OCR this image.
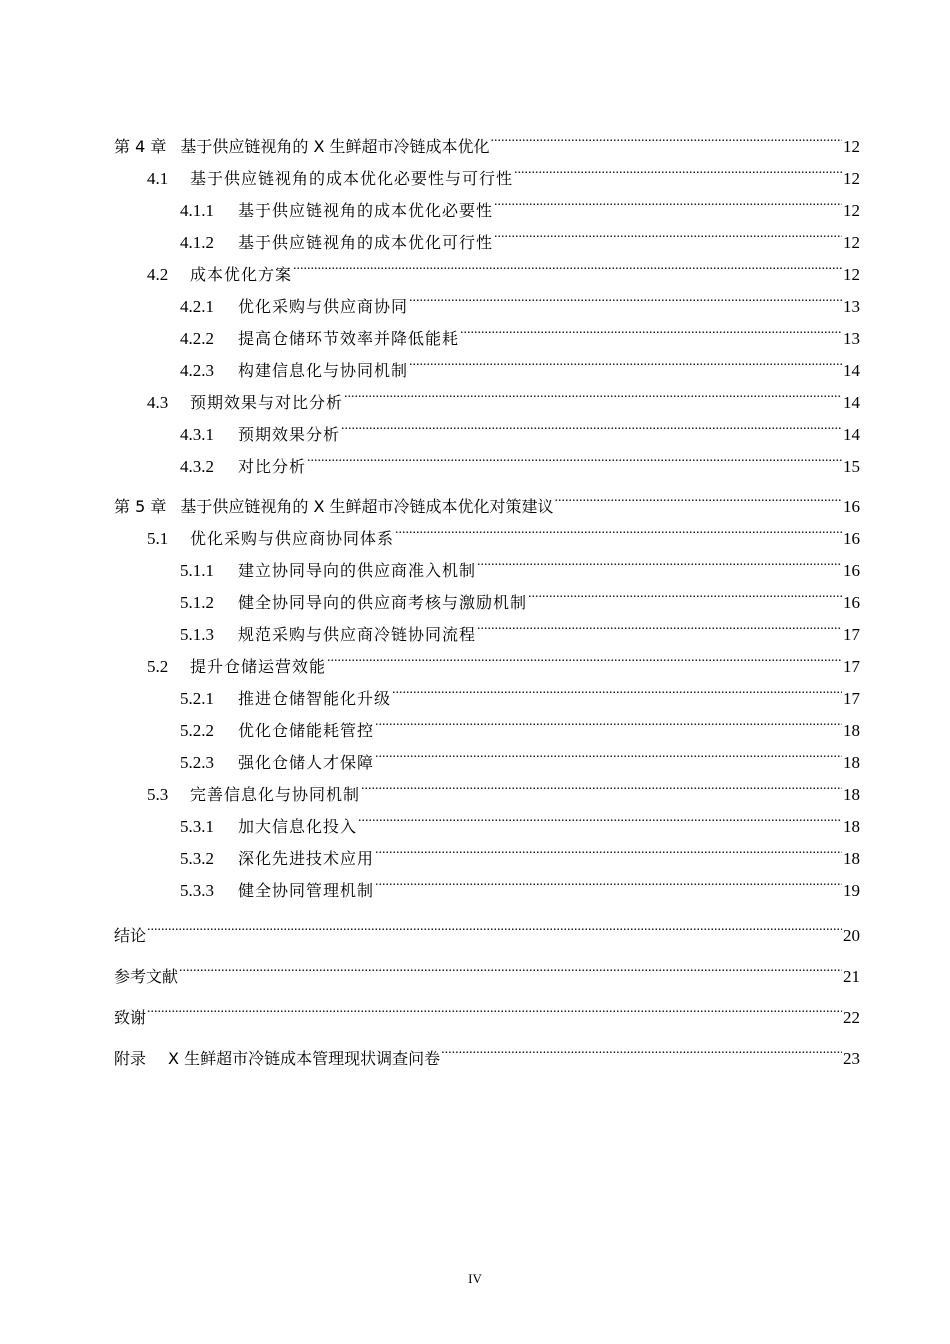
第 4 章 基于供应链视角的 X 生鲜超市冷链成本优化 .....	12
4.1	基于供应链视角的成本优化必要性与可行性 .....	12
4.1.1	基于供应链视角的成本优化必要性 .....	12
4.1.2	基于供应链视角的成本优化可行性 .....	12
4.2	成本优化方案 .....	12
4.2.1	优化采购与供应商协同 .....	13
4.2.2	提高仓储环节效率并降低能耗 .....	13
4.2.3	构建信息化与协同机制 .....	14
4.3	预期效果与对比分析 .....	14
4.3.1	预期效果分析 .....	14
4.3.2	对比分析 .....	15
第 5 章 基于供应链视角的 X 生鲜超市冷链成本优化对策建议 .....	16
5.1	优化采购与供应商协同体系 .....	16
5.1.1	建立协同导向的供应商准入机制 .....	16
5.1.2	健全协同导向的供应商考核与激励机制 .....	16
5.1.3	规范采购与供应商冷链协同流程 .....	17
5.2	提升仓储运营效能 .....	17
5.2.1	推进仓储智能化升级 .....	17
5.2.2	优化仓储能耗管控 .....	18
5.2.3	强化仓储人才保障 .....	18
5.3	完善信息化与协同机制 .....	18
5.3.1	加大信息化投入 .....	18
5.3.2	深化先进技术应用 .....	18
5.3.3	健全协同管理机制 .....	19
结论 .....	20
参考文献 .....	21
致谢 .....	22
附录 X 生鲜超市冷链成本管理现状调查问卷 .....	23
IV
